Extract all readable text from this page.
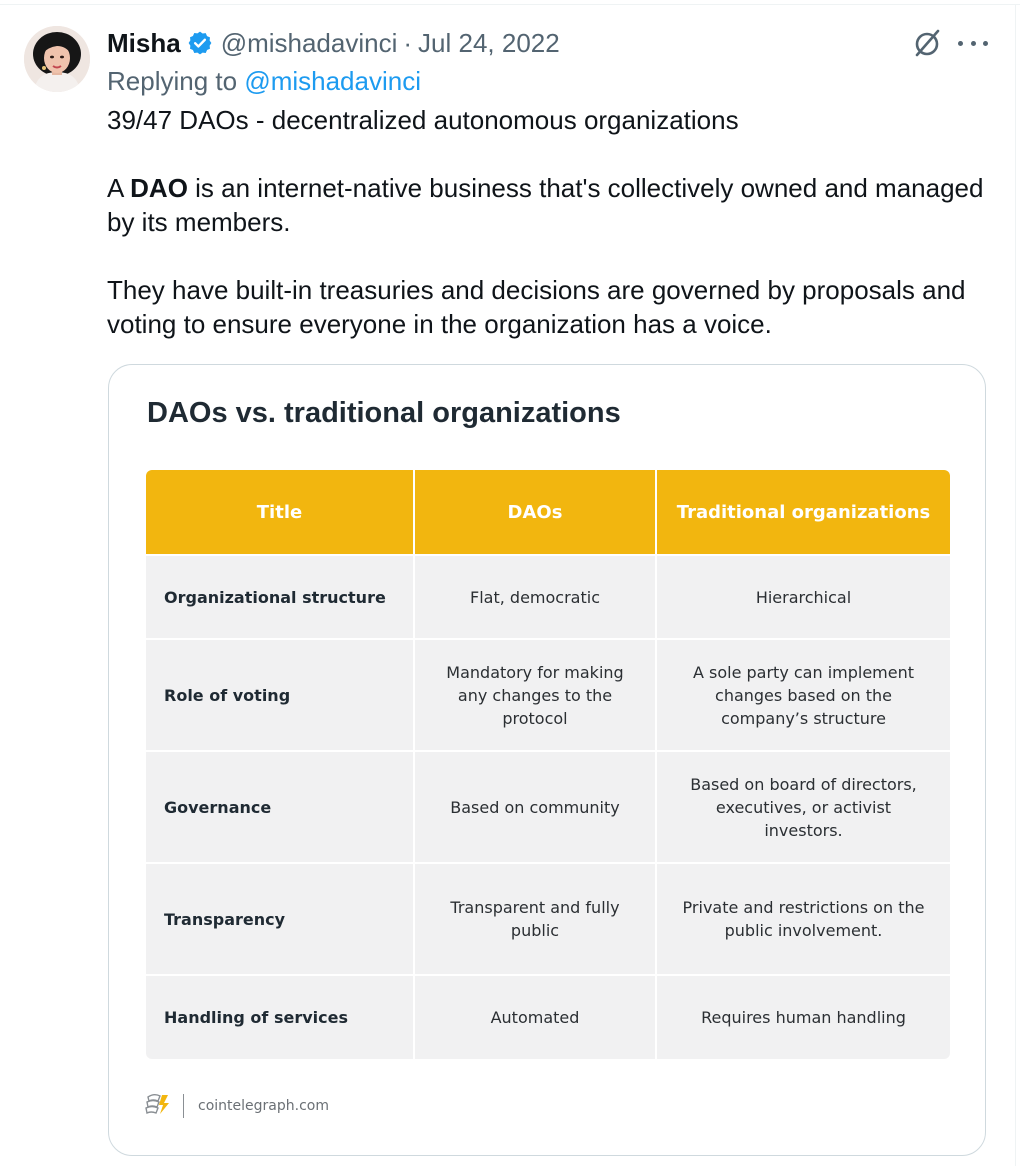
Misha @mishadavinci · Jul 24, 2022
Replying to @mishadavinci

39/47 DAOs - decentralized autonomous organizations

A DAO is an internet-native business that's collectively owned and managed by its members.

They have built-in treasuries and decisions are governed by proposals and voting to ensure everyone in the organization has a voice.

DAOs vs. traditional organizations
Title	DAOs	Traditional organizations
Organizational structure	Flat, democratic	Hierarchical
Role of voting	Mandatory for making any changes to the protocol	A sole party can implement changes based on the company’s structure
Governance	Based on community	Based on board of directors, executives, or activist investors.
Transparency	Transparent and fully public	Private and restrictions on the public involvement.
Handling of services	Automated	Requires human handling
cointelegraph.com
